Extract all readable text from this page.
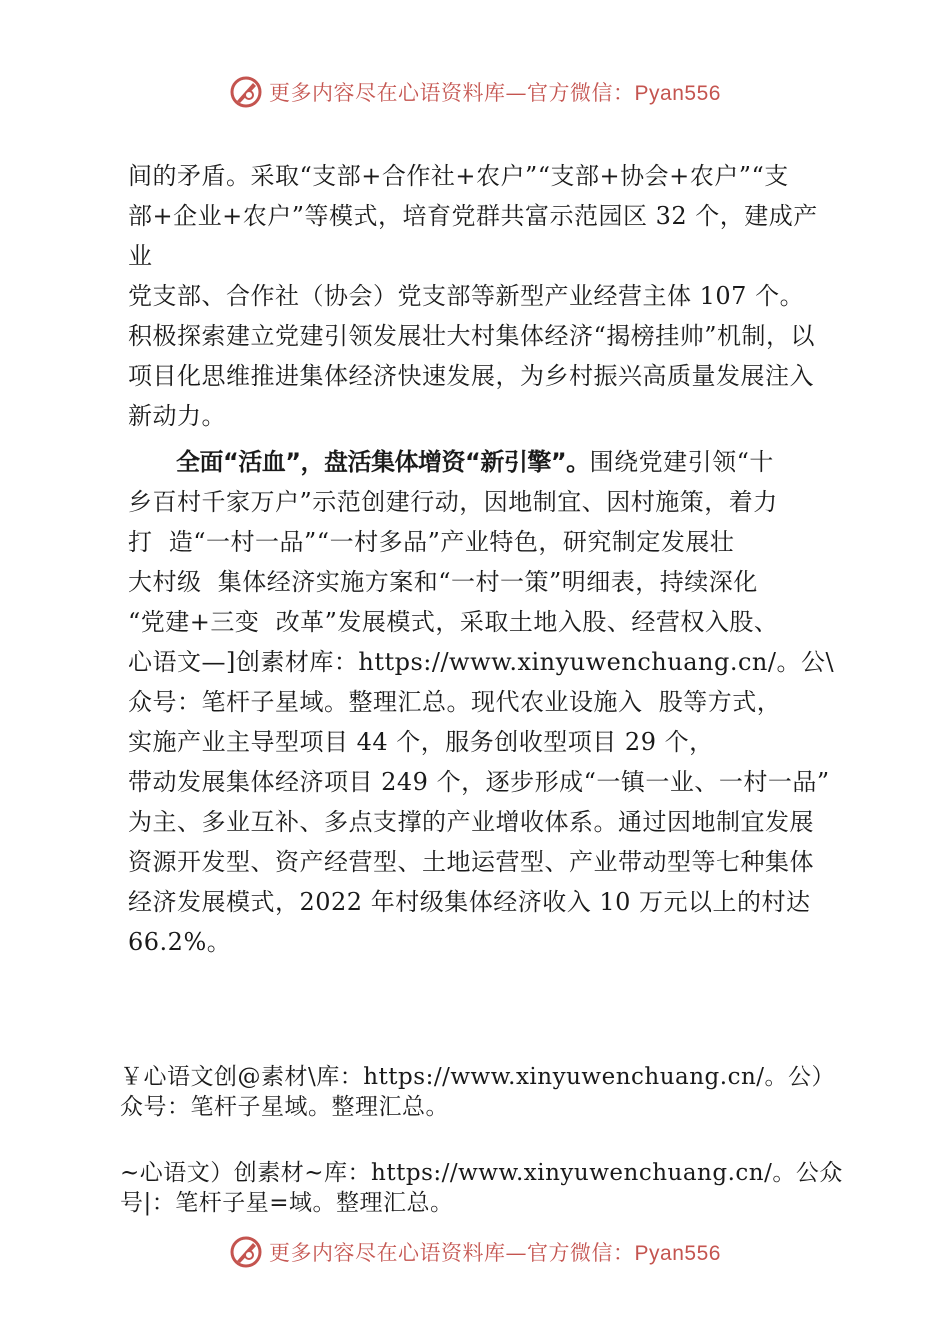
更多内容尽在心语资料库—官方微信：Pyan556
间的矛盾。采取“支部+合作社+农户”“支部+协会+农户”“支
部+企业+农户”等模式，培育党群共富示范园区 32 个，建成产
业
党支部、合作社（协会）党支部等新型产业经营主体 107 个。
积极探索建立党建引领发展壮大村集体经济“揭榜挂帅”机制，以
项目化思维推进集体经济快速发展，为乡村振兴高质量发展注入
新动力。
全面“活血”，盘活集体增资“新引擎”。围绕党建引领“十
乡百村千家万户”示范创建行动，因地制宜、因村施策，着力
打  造“一村一品”“一村多品”产业特色，研究制定发展壮
大村级  集体经济实施方案和“一村一策”明细表，持续深化
“党建+三变  改革”发展模式，采取土地入股、经营权入股、
心语文—]创素材库：https://www.xinyuwenchuang.cn/。公\
众号：笔杆子星域。整理汇总。现代农业设施入  股等方式，
实施产业主导型项目 44 个，服务创收型项目 29 个，
带动发展集体经济项目 249 个，逐步形成“一镇一业、一村一品”
为主、多业互补、多点支撑的产业增收体系。通过因地制宜发展
资源开发型、资产经营型、土地运营型、产业带动型等七种集体
经济发展模式，2022 年村级集体经济收入 10 万元以上的村达
66.2%。
￥心语文创@素材\库：https://www.xinyuwenchuang.cn/。公）
众号：笔杆子星域。整理汇总。
~心语文）创素材~库：https://www.xinyuwenchuang.cn/。公众
号|：笔杆子星=域。整理汇总。
更多内容尽在心语资料库—官方微信：Pyan556
